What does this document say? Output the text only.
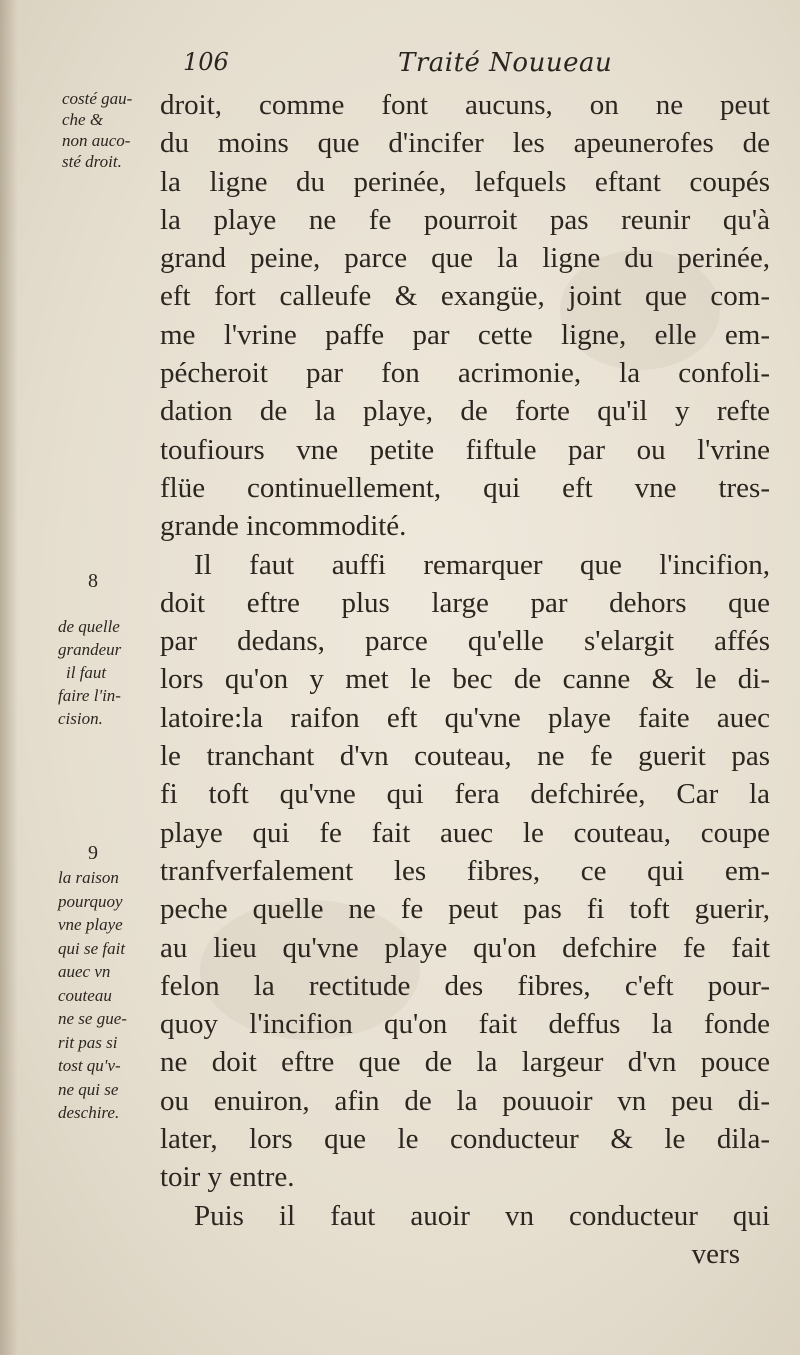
106	Traité Nouueau
costé gau-
che &
non auco-
sté droit.
8
de quelle
grandeur
il faut
faire l'in-
cision.
9
la raison
pourquoy
vne playe
qui se fait
auec vn
couteau
ne se gue-
rit pas si
tost qu'v-
ne qui se
deschire.
droit, comme font aucuns, on ne peut
du moins que d'incifer les apeunerofes de
la ligne du perinée, lefquels eftant coupés
la playe ne fe pourroit pas reunir qu'à
grand peine, parce que la ligne du perinée,
eft fort calleufe & exangüe, joint que com-
me l'vrine paffe par cette ligne, elle em-
pécheroit par fon acrimonie, la confoli-
dation de la playe, de forte qu'il y refte
toufiours vne petite fiftule par ou l'vrine
flüe continuellement, qui eft vne tres-
grande incommodité.
Il faut auffi remarquer que l'incifion,
doit eftre plus large par dehors que
par dedans, parce qu'elle s'elargit affés
lors qu'on y met le bec de canne & le di-
latoire:la raifon eft qu'vne playe faite auec
le tranchant d'vn couteau, ne fe guerit pas
fi toft qu'vne qui fera defchirée, Car la
playe qui fe fait auec le couteau, coupe
tranfverfalement les fibres, ce qui em-
peche quelle ne fe peut pas fi toft guerir,
au lieu qu'vne playe qu'on defchire fe fait
felon la rectitude des fibres, c'eft pour-
quoy l'incifion qu'on fait deffus la fonde
ne doit eftre que de la largeur d'vn pouce
ou enuiron, afin de la pouuoir vn peu di-
later, lors que le conducteur & le dila-
toir y entre.
Puis il faut auoir vn conducteur qui
vers
